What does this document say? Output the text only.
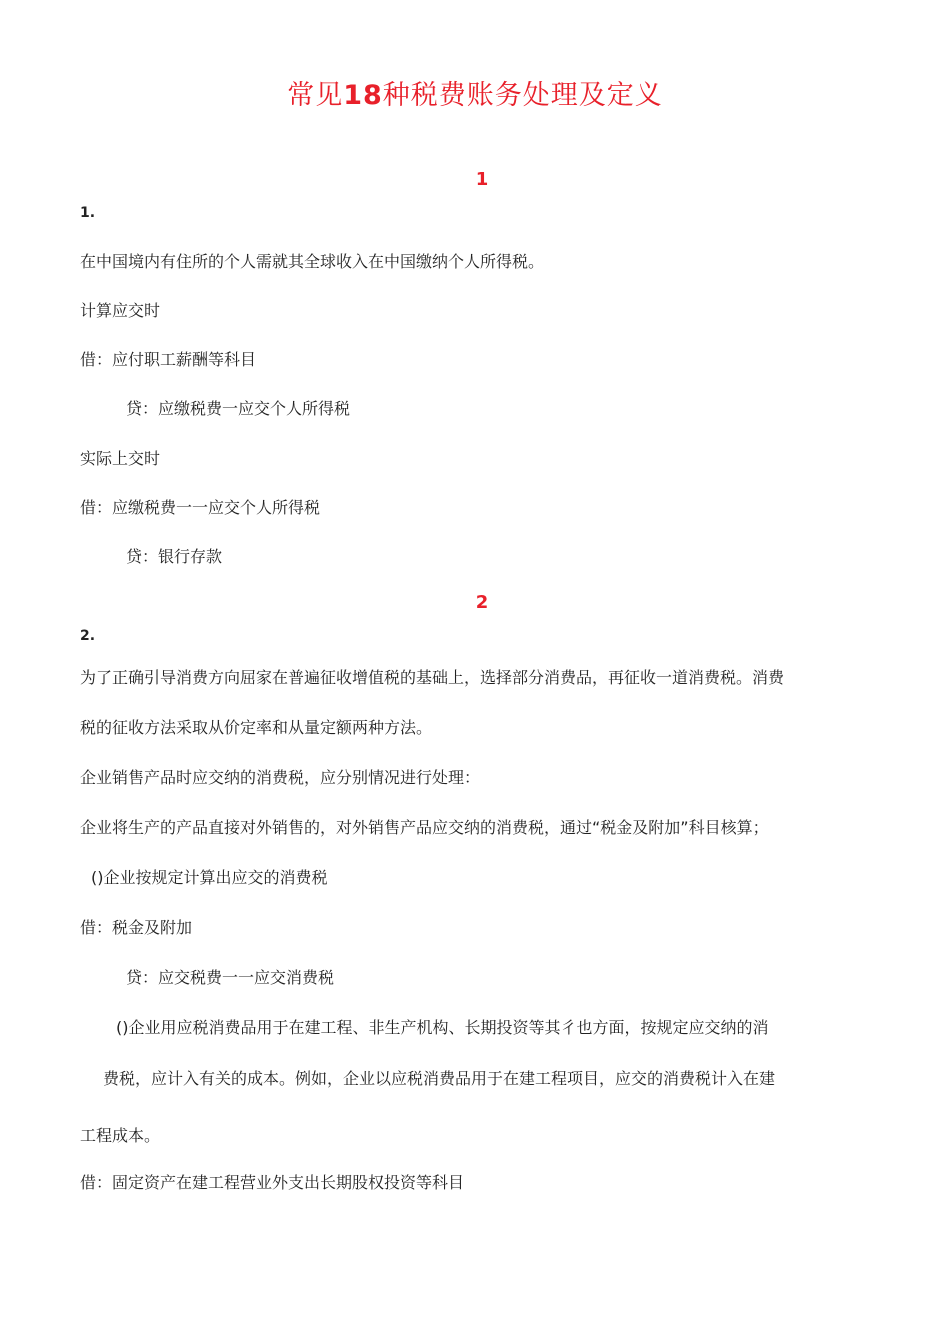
常见18种税费账务处理及定义
1
1.
在中国境内有住所的个人需就其全球收入在中国缴纳个人所得税。
计算应交时
借：应付职工薪酬等科目
贷：应缴税费一应交个人所得税
实际上交时
借：应缴税费一一应交个人所得税
贷：银行存款
2
2.
为了正确引导消费方向屈家在普遍征收增值税的基础上，选择部分消费品，再征收一道消费税。消费
税的征收方法采取从价定率和从量定额两种方法。
企业销售产品时应交纳的消费税，应分别情况进行处理：
企业将生产的产品直接对外销售的，对外销售产品应交纳的消费税，通过“税金及附加”科目核算；
()企业按规定计算出应交的消费税
借：税金及附加
贷：应交税费一一应交消费税
()企业用应税消费品用于在建工程、非生产机构、长期投资等其彳也方面，按规定应交纳的消
费税，应计入有关的成本。例如，企业以应税消费品用于在建工程项目，应交的消费税计入在建
工程成本。
借：固定资产在建工程营业外支出长期股权投资等科目
